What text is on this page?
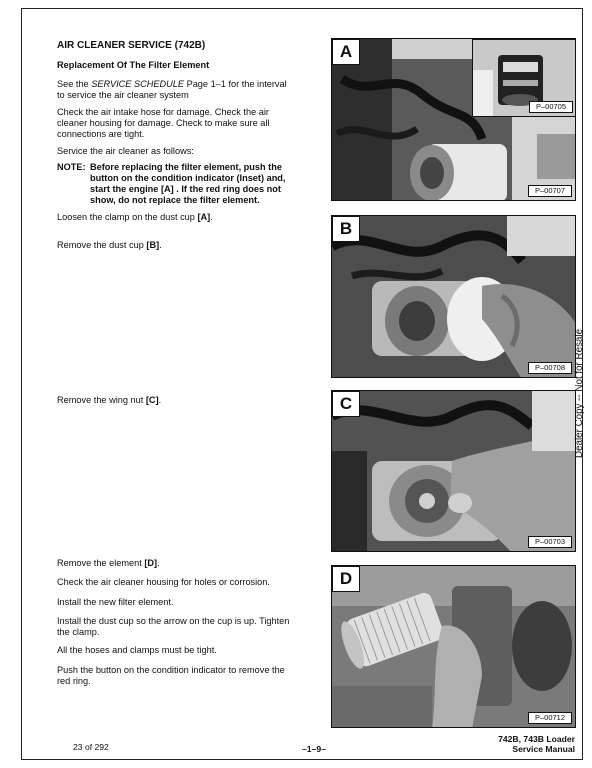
AIR CLEANER SERVICE (742B)
Replacement Of The Filter Element
See the SERVICE SCHEDULE Page 1–1 for the interval
to service the air cleaner system
Check the air intake hose for damage. Check the air
cleaner housing for damage. Check to make sure all
connections are tight.
Service the air cleaner as follows:
NOTE: Before replacing the filter element, push the
button on the condition indicator (Inset) and,
start the engine [A] . If the red ring does not
show, do not replace the filter element.
Loosen the clamp on the dust cup [A].
Remove the dust cup [B].
Remove the wing nut [C].
Remove the element [D].
Check the air cleaner housing for holes or corrosion.
Install the new filter element.
Install the dust cup so the arrow on the cup is up. Tighten
the clamp.
All the hoses and clamps must be tight.
Push the button on the condition indicator to remove the
red ring.
A
P–00705
P–00707
B
P–00708
C
P–00703
D
P–00712
Dealer Copy -- Not for Resale
23 of 292	–1–9–
742B, 743B Loader
Service Manual
